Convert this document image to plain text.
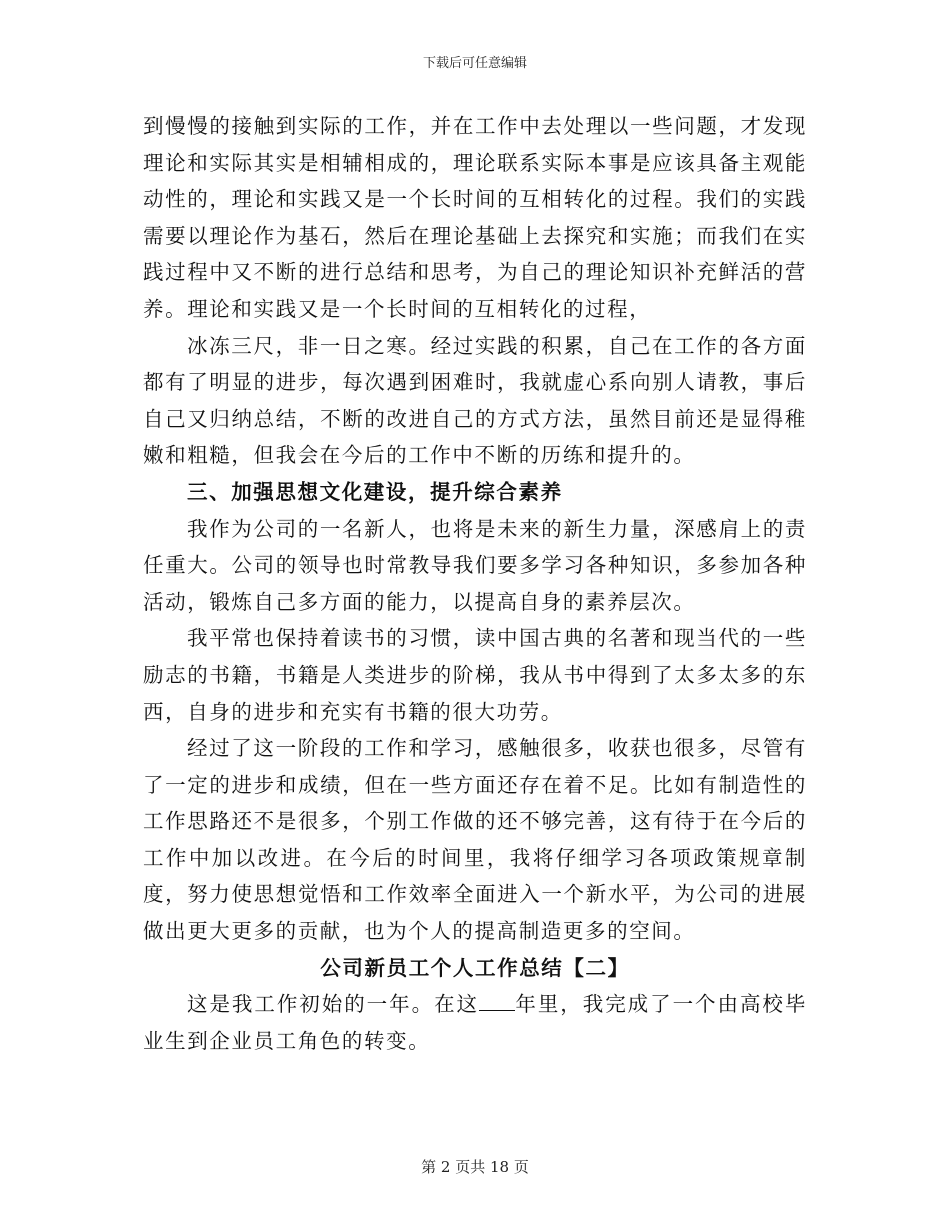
下载后可任意编辑

到慢慢的接触到实际的工作，并在工作中去处理以一些问题，才发现理论和实际其实是相辅相成的，理论联系实际本事是应该具备主观能动性的，理论和实践又是一个长时间的互相转化的过程。我们的实践需要以理论作为基石，然后在理论基础上去探究和实施；而我们在实践过程中又不断的进行总结和思考，为自己的理论知识补充鲜活的营养。理论和实践又是一个长时间的互相转化的过程，

冰冻三尺，非一日之寒。经过实践的积累，自己在工作的各方面都有了明显的进步，每次遇到困难时，我就虚心系向别人请教，事后自己又归纳总结，不断的改进自己的方式方法，虽然目前还是显得稚嫩和粗糙，但我会在今后的工作中不断的历练和提升的。

三、加强思想文化建设，提升综合素养

我作为公司的一名新人，也将是未来的新生力量，深感肩上的责任重大。公司的领导也时常教导我们要多学习各种知识，多参加各种活动，锻炼自己多方面的能力，以提高自身的素养层次。

我平常也保持着读书的习惯，读中国古典的名著和现当代的一些励志的书籍，书籍是人类进步的阶梯，我从书中得到了太多太多的东西，自身的进步和充实有书籍的很大功劳。

经过了这一阶段的工作和学习，感触很多，收获也很多，尽管有了一定的进步和成绩，但在一些方面还存在着不足。比如有制造性的工作思路还不是很多，个别工作做的还不够完善，这有待于在今后的工作中加以改进。在今后的时间里，我将仔细学习各项政策规章制度，努力使思想觉悟和工作效率全面进入一个新水平，为公司的进展做出更大更多的贡献，也为个人的提高制造更多的空间。

公司新员工个人工作总结【二】

这是我工作初始的一年。在这 年里，我完成了一个由高校毕业生到企业员工角色的转变。

第 2 页共 18 页
